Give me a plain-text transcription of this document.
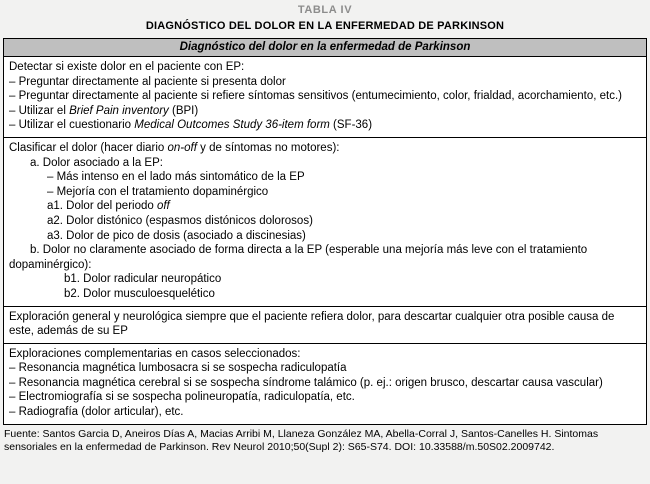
TABLA IV
DIAGNÓSTICO DEL DOLOR EN LA ENFERMEDAD DE PARKINSON
Diagnóstico del dolor en la enfermedad de Parkinson
Detectar si existe dolor en el paciente con EP:
– Preguntar directamente al paciente si presenta dolor
– Preguntar directamente al paciente si refiere síntomas sensitivos (entumecimiento, color, frialdad, acorchamiento, etc.)
– Utilizar el Brief Pain inventory (BPI)
– Utilizar el cuestionario Medical Outcomes Study 36-item form (SF-36)
Clasificar el dolor (hacer diario on-off y de síntomas no motores):
a. Dolor asociado a la EP:
– Más intenso en el lado más sintomático de la EP
– Mejoría con el tratamiento dopaminérgico
a1. Dolor del periodo off
a2. Dolor distónico (espasmos distónicos dolorosos)
a3. Dolor de pico de dosis (asociado a discinesias)
b. Dolor no claramente asociado de forma directa a la EP (esperable una mejoría más leve con el tratamiento dopaminérgico):
b1. Dolor radicular neuropático
b2. Dolor musculoesquelético
Exploración general y neurológica siempre que el paciente refiera dolor, para descartar cualquier otra posible causa de este, además de su EP
Exploraciones complementarias en casos seleccionados:
– Resonancia magnética lumbosacra si se sospecha radiculopatía
– Resonancia magnética cerebral si se sospecha síndrome talámico (p. ej.: origen brusco, descartar causa vascular)
– Electromiografía si se sospecha polineuropatía, radiculopatía, etc.
– Radiografía (dolor articular), etc.
Fuente: Santos Garcia D, Aneiros Días A, Macias Arribi M, Llaneza González MA, Abella-Corral J, Santos-Canelles H. Sintomas sensoriales en la enfermedad de Parkinson. Rev Neurol 2010;50(Supl 2): S65-S74. DOI: 10.33588/m.50S02.2009742.
